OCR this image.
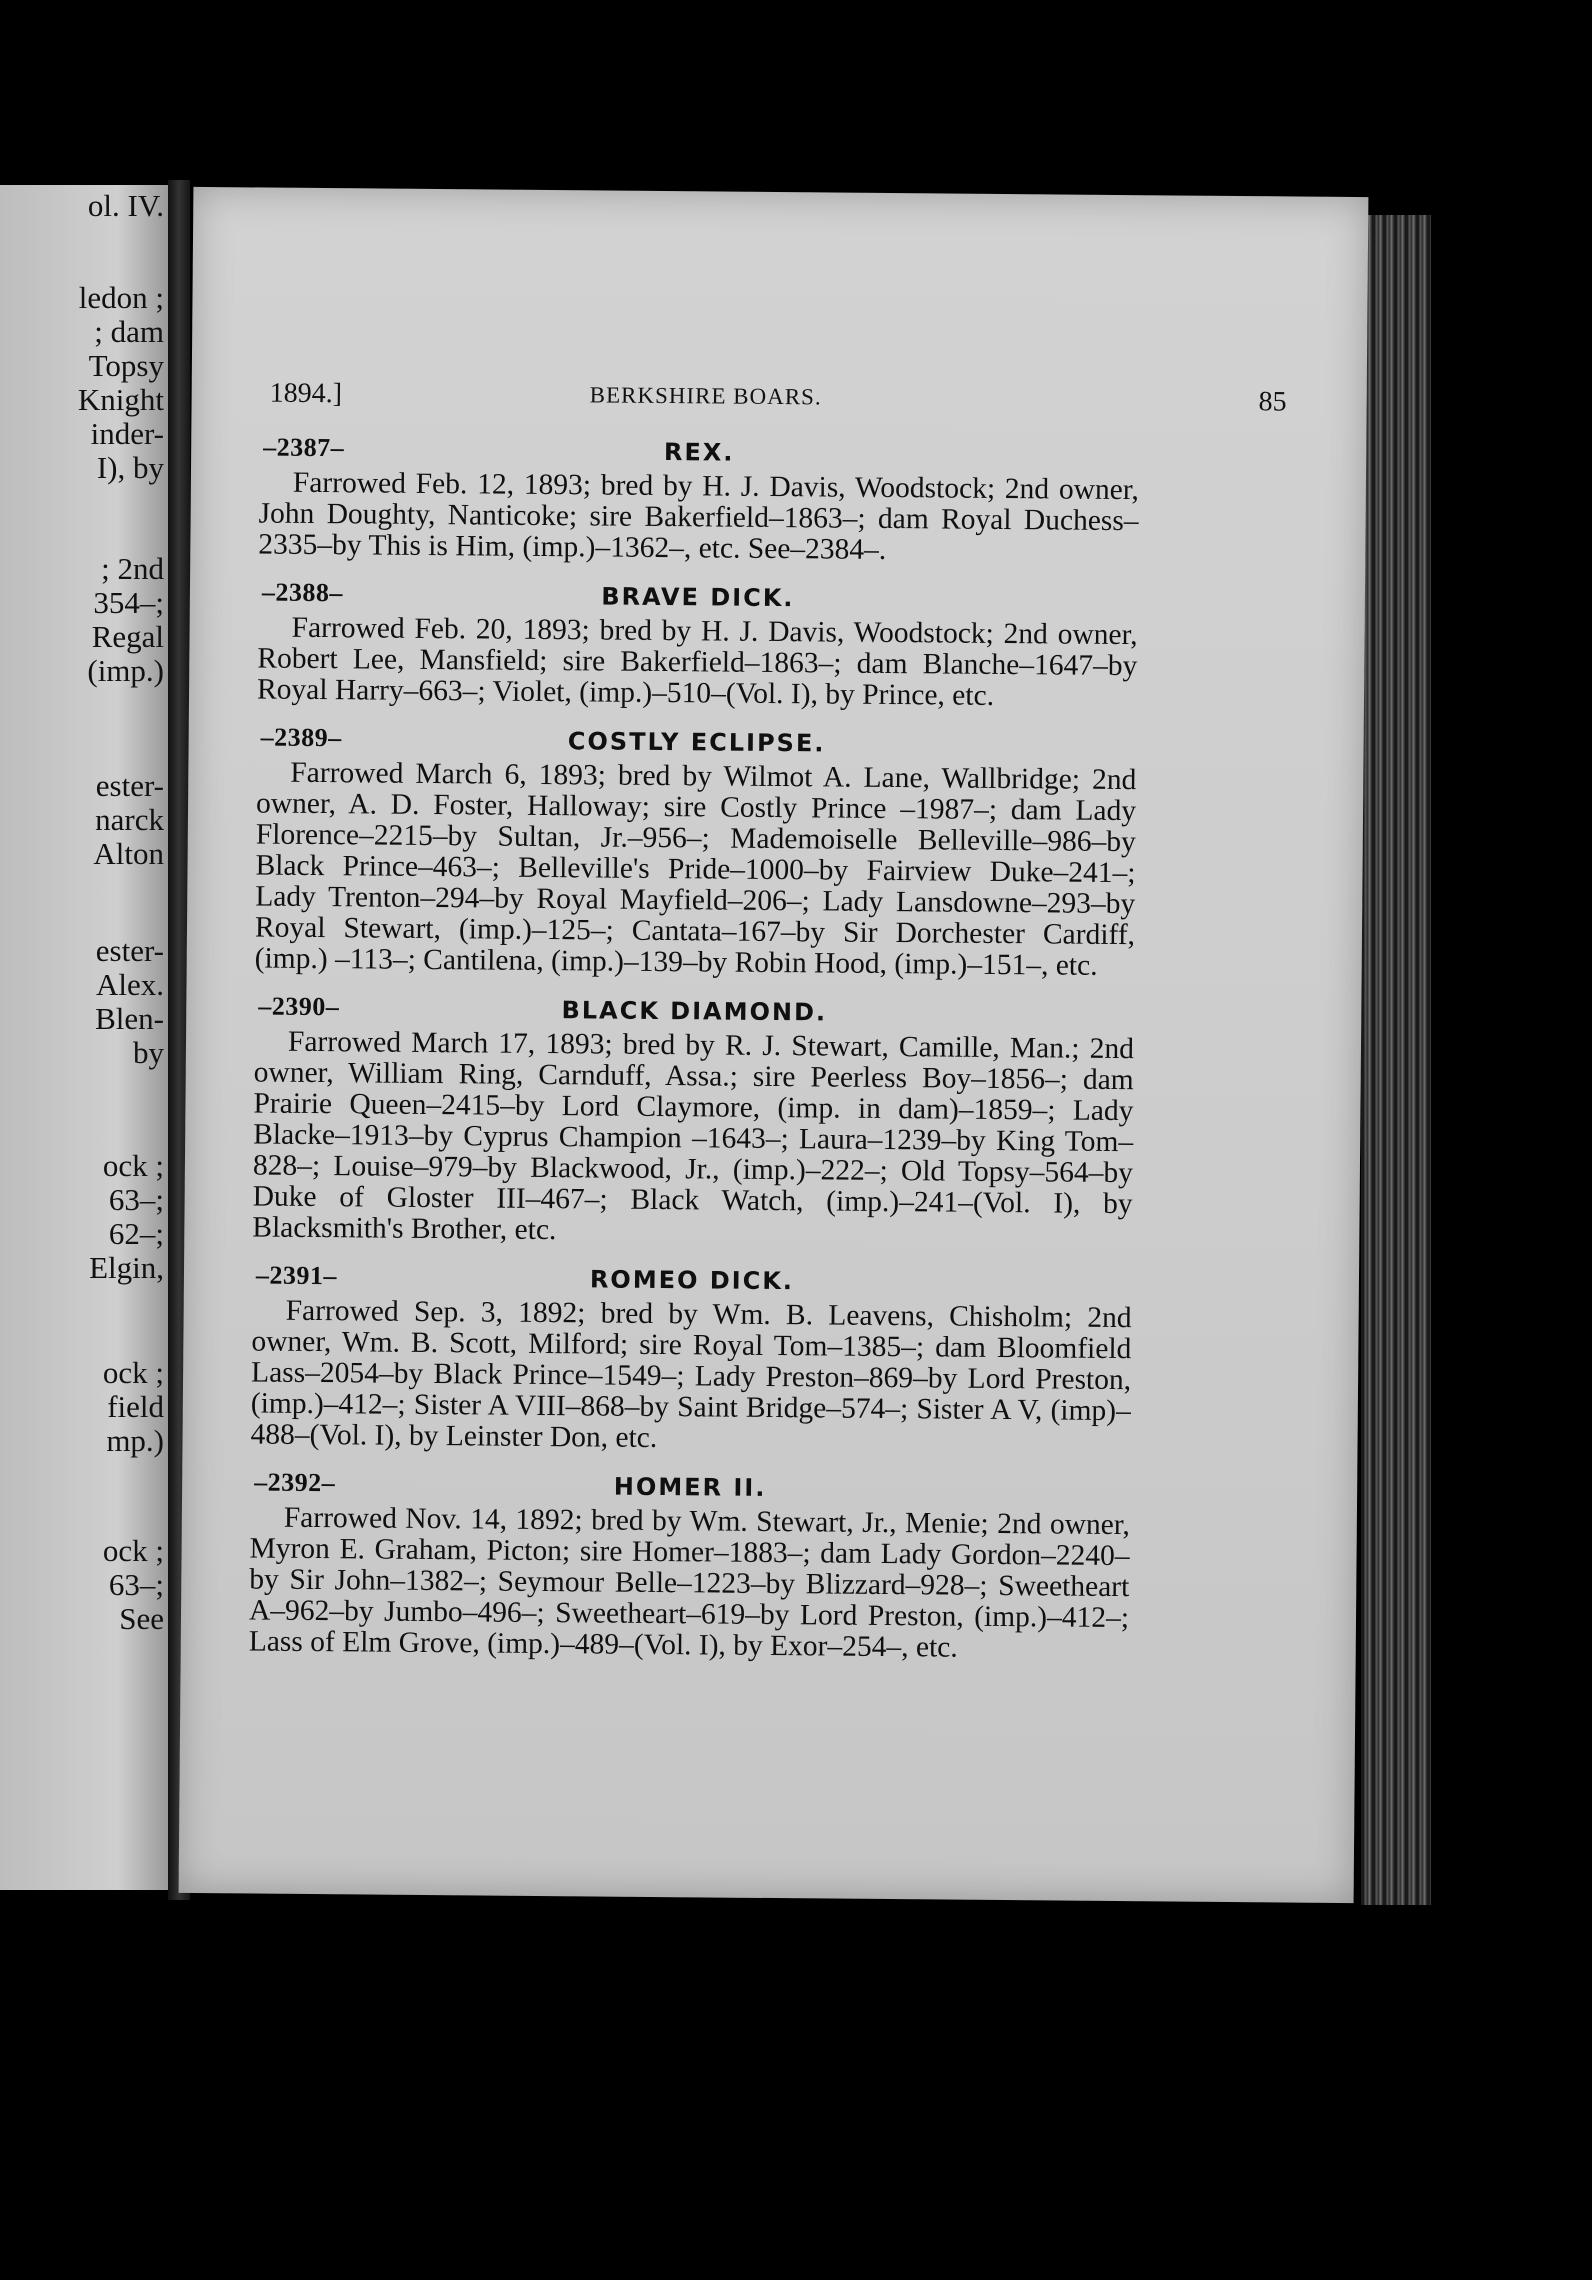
ol. IV.
ledon ;
; dam
Topsy
Knight
inder-
I), by
; 2nd
354–;
Regal
(imp.)
ester-
narck
Alton
ester-
Alex.
Blen-
by
ock ;
63–;
62–;
Elgin,
ock ;
field
mp.)
ock ;
63–;
See
1894.]	BERKSHIRE BOARS.	85
–2387–	REX.
Farrowed Feb. 12, 1893; bred by H. J. Davis, Woodstock; 2nd owner, John Doughty, Nanticoke; sire Bakerfield–1863–; dam Royal Duchess–2335–by This is Him, (imp.)–1362–, etc. See–2384–.
–2388–	BRAVE DICK.
Farrowed Feb. 20, 1893; bred by H. J. Davis, Woodstock; 2nd owner, Robert Lee, Mansfield; sire Bakerfield–1863–; dam Blanche–1647–by Royal Harry–663–; Violet, (imp.)–510–(Vol. I), by Prince, etc.
–2389–	COSTLY ECLIPSE.
Farrowed March 6, 1893; bred by Wilmot A. Lane, Wallbridge; 2nd owner, A. D. Foster, Halloway; sire Costly Prince –1987–; dam Lady Florence–2215–by Sultan, Jr.–956–; Mademoiselle Belleville–986–by Black Prince–463–; Belleville's Pride–1000–by Fairview Duke–241–; Lady Trenton–294–by Royal Mayfield–206–; Lady Lansdowne–293–by Royal Stewart, (imp.)–125–; Cantata–167–by Sir Dorchester Cardiff, (imp.) –113–; Cantilena, (imp.)–139–by Robin Hood, (imp.)–151–, etc.
–2390–	BLACK DIAMOND.
Farrowed March 17, 1893; bred by R. J. Stewart, Camille, Man.; 2nd owner, William Ring, Carnduff, Assa.; sire Peerless Boy–1856–; dam Prairie Queen–2415–by Lord Claymore, (imp. in dam)–1859–; Lady Blacke–1913–by Cyprus Champion –1643–; Laura–1239–by King Tom–828–; Louise–979–by Blackwood, Jr., (imp.)–222–; Old Topsy–564–by Duke of Gloster III–467–; Black Watch, (imp.)–241–(Vol. I), by Blacksmith's Brother, etc.
–2391–	ROMEO DICK.
Farrowed Sep. 3, 1892; bred by Wm. B. Leavens, Chisholm; 2nd owner, Wm. B. Scott, Milford; sire Royal Tom–1385–; dam Bloomfield Lass–2054–by Black Prince–1549–; Lady Preston–869–by Lord Preston, (imp.)–412–; Sister A VIII–868–by Saint Bridge–574–; Sister A V, (imp)–488–(Vol. I), by Leinster Don, etc.
–2392–	HOMER II.
Farrowed Nov. 14, 1892; bred by Wm. Stewart, Jr., Menie; 2nd owner, Myron E. Graham, Picton; sire Homer–1883–; dam Lady Gordon–2240–by Sir John–1382–; Seymour Belle–1223–by Blizzard–928–; Sweetheart A–962–by Jumbo–496–; Sweetheart–619–by Lord Preston, (imp.)–412–; Lass of Elm Grove, (imp.)–489–(Vol. I), by Exor–254–, etc.
